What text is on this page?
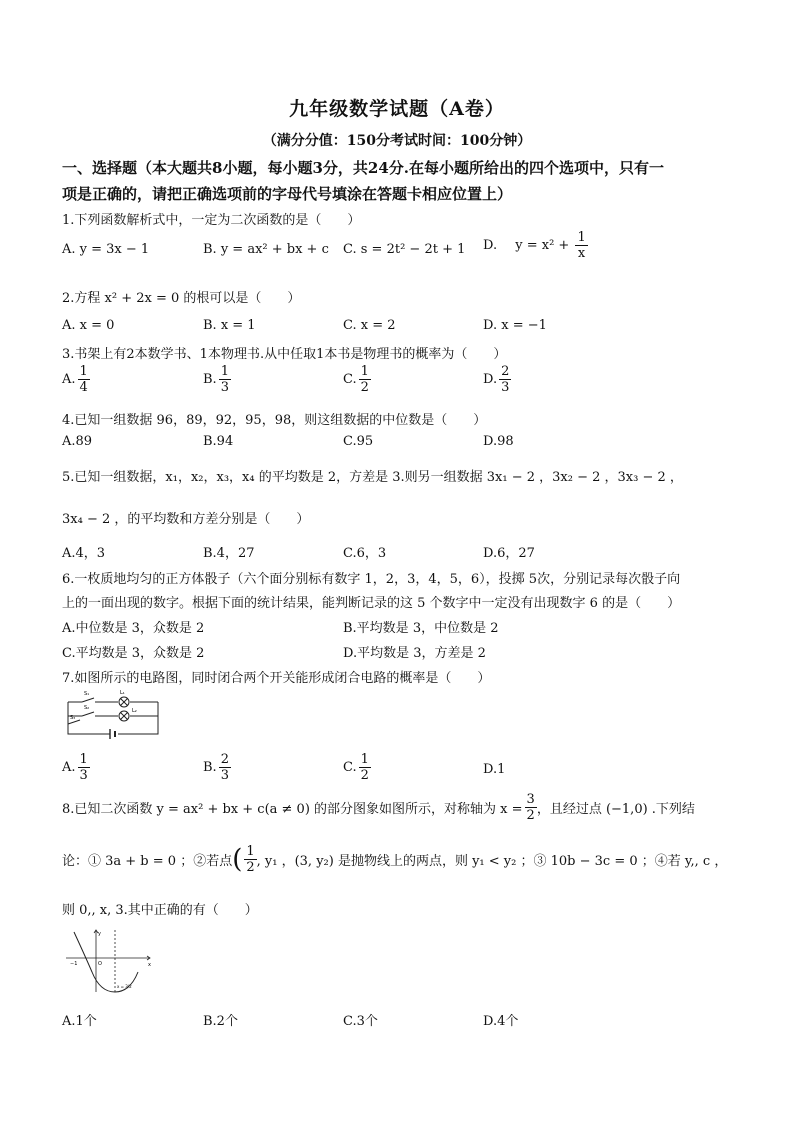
九年级数学试题（A卷）
（满分分值：150分考试时间：100分钟）
一、选择题（本大题共8小题，每小题3分，共24分.在每小题所给出的四个选项中，只有一
项是正确的，请把正确选项前的字母代号填涂在答题卡相应位置上）
1.下列函数解析式中，一定为二次函数的是（　　）
A. y = 3x − 1	B. y = ax² + bx + c C. s = 2t² − 2t + 1 D. $y = x^2 + \frac{1}{x}$
2.方程 x² + 2x = 0 的根可以是（　　）
A. x = 0	B. x = 1	C. x = 2	D. x = −1
3.书架上有2本数学书、1本物理书.从中任取1本书是物理书的概率为（　　）
A. $\frac{1}{4}$	B. $\frac{1}{3}$	C. $\frac{1}{2}$	D. $\frac{2}{3}$
4.已知一组数据 96，89，92，95，98，则这组数据的中位数是（　　）
A.89	B.94	C.95	D.98
5.已知一组数据，x₁，x₂，x₃，x₄ 的平均数是 2，方差是 3.则另一组数据 3x₁ − 2 ，3x₂ − 2 ，3x₃ − 2 ，
3x₄ − 2 ，的平均数和方差分别是（　　）
A.4，3	B.4，27	C.6，3	D.6，27
6.一枚质地均匀的正方体骰子（六个面分别标有数字 1，2，3，4，5，6），投掷 5次，分别记录每次骰子向
上的一面出现的数字。根据下面的统计结果，能判断记录的这 5 个数字中一定没有出现数字 6 的是（　　）
A.中位数是 3，众数是 2	B.平均数是 3，中位数是 2
C.平均数是 3，众数是 2	D.平均数是 3，方差是 2
7.如图所示的电路图，同时闭合两个开关能形成闭合电路的概率是（　　）
S₁
S₂
S₃
L₁
L₂
A. $\frac{1}{3}$	B. $\frac{2}{3}$	C. $\frac{1}{2}$	D.1
8.已知二次函数 y = ax² + bx + c(a ≠ 0) 的部分图象如图所示，对称轴为 $x = \frac{3}{2}$ ，且经过点 (−1,0) .下列结
论：① 3a + b = 0 ；②若点( $\frac{1}{2}$ , y₁ ，(3, y₂) 是抛物线上的两点，则 y₁ < y₂ ；③ 10b − 3c = 0 ；④若 y,, c ，
则 0,, x, 3.其中正确的有（　　）
−1	O	x
y
x = 3/2
A.1个	B.2个	C.3个	D.4个
